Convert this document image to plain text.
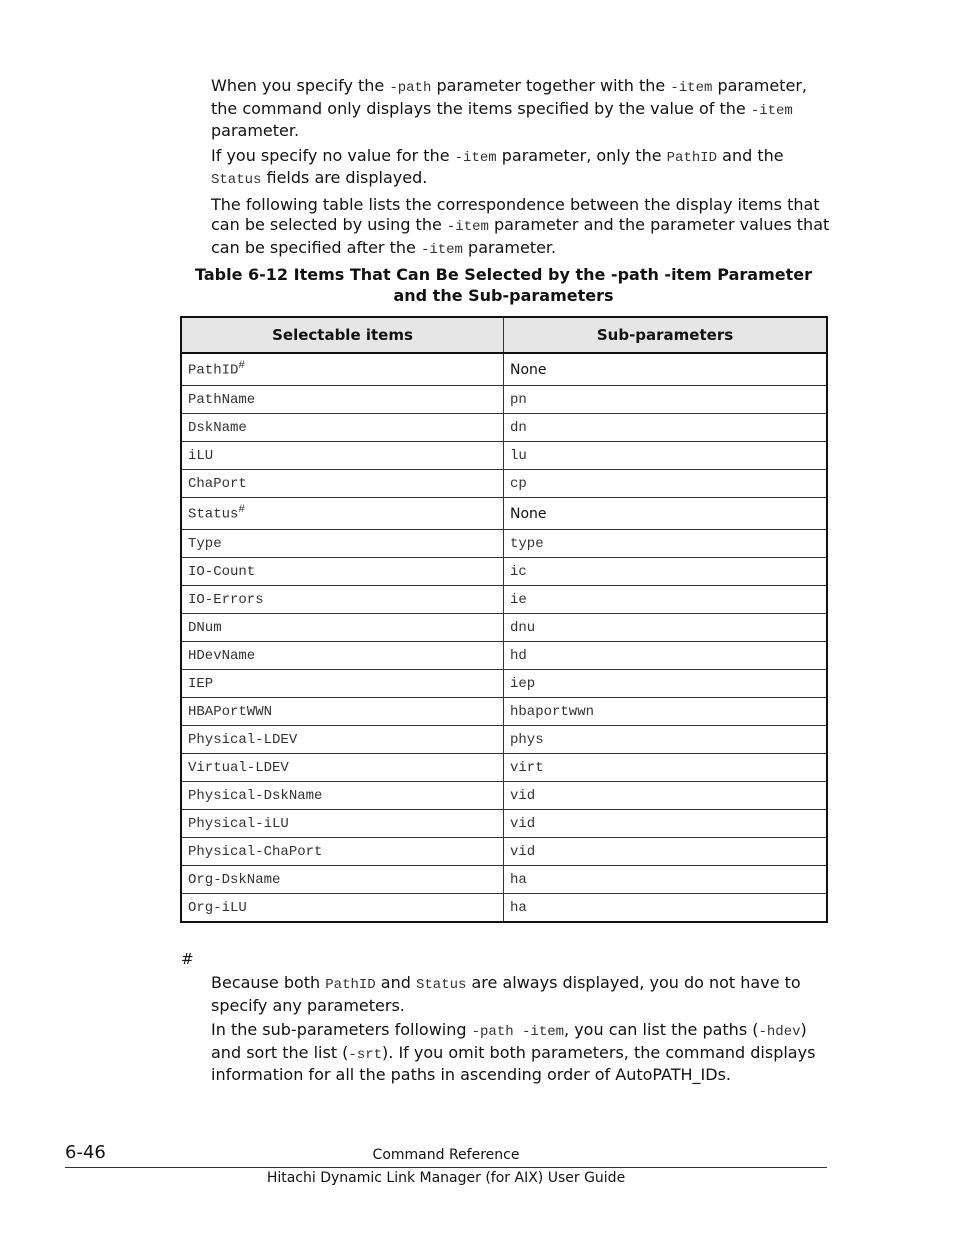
When you specify the -path parameter together with the -item parameter, the command only displays the items specified by the value of the -item parameter.

If you specify no value for the -item parameter, only the PathID and the Status fields are displayed.

The following table lists the correspondence between the display items that can be selected by using the -item parameter and the parameter values that can be specified after the -item parameter.

Table 6-12 Items That Can Be Selected by the -path -item Parameter and the Sub-parameters
Selectable items	Sub-parameters
PathID#	None
PathName	pn
DskName	dn
iLU	lu
ChaPort	cp
Status#	None
Type	type
IO-Count	ic
IO-Errors	ie
DNum	dnu
HDevName	hd
IEP	iep
HBAPortWWN	hbaportwwn
Physical-LDEV	phys
Virtual-LDEV	virt
Physical-DskName	vid
Physical-iLU	vid
Physical-ChaPort	vid
Org-DskName	ha
Org-iLU	ha
#

Because both PathID and Status are always displayed, you do not have to specify any parameters.

In the sub-parameters following -path -item, you can list the paths (-hdev) and sort the list (-srt). If you omit both parameters, the command displays information for all the paths in ascending order of AutoPATH_IDs.

6-46	Command Reference
Hitachi Dynamic Link Manager (for AIX) User Guide
